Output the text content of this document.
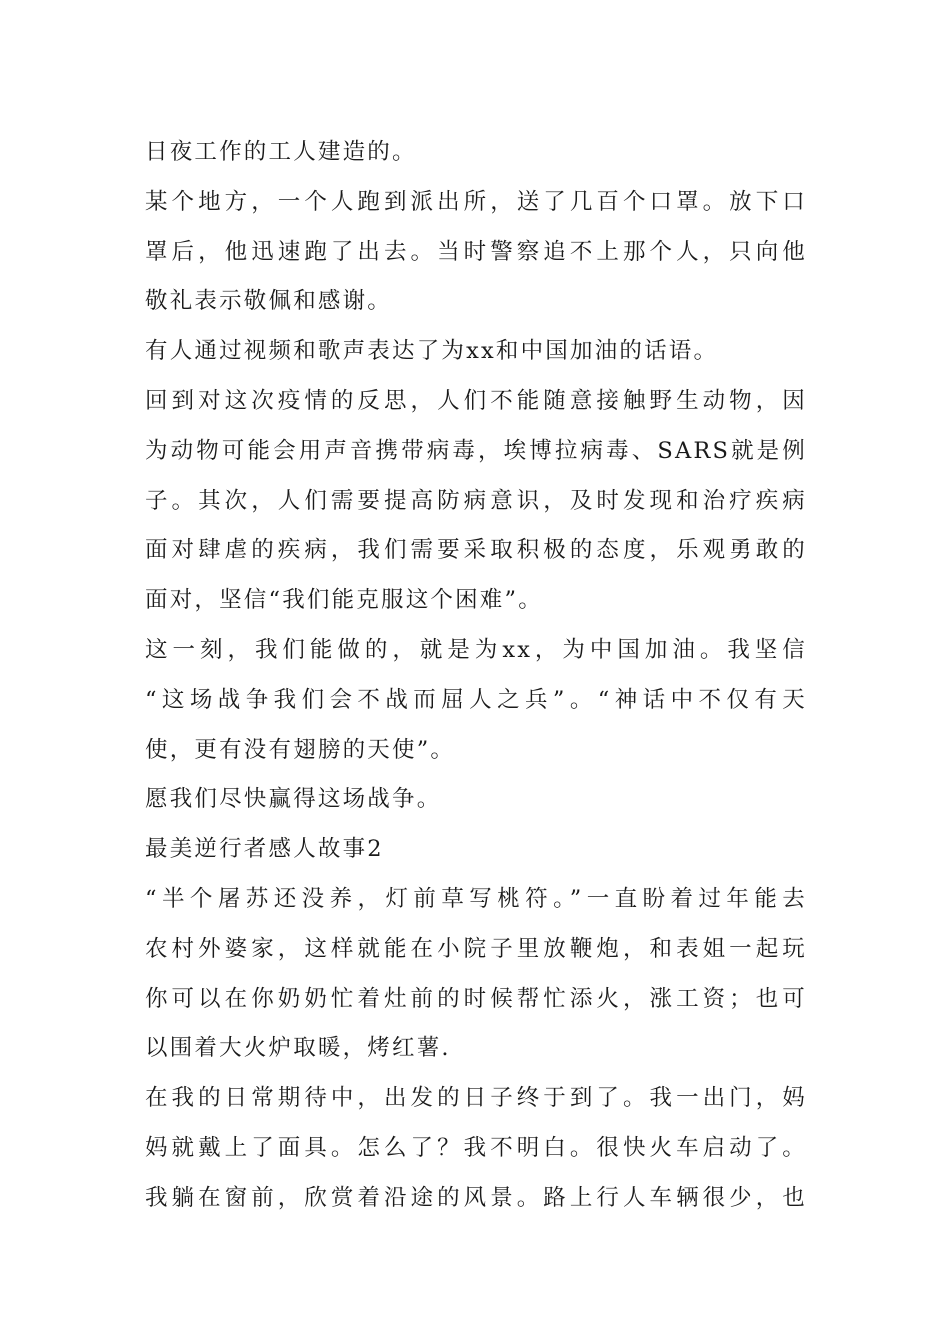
日夜工作的工人建造的。
某个地方，一个人跑到派出所，送了几百个口罩。放下口
罩后，他迅速跑了出去。当时警察追不上那个人，只向他
敬礼表示敬佩和感谢。
有人通过视频和歌声表达了为xx和中国加油的话语。
回到对这次疫情的反思，人们不能随意接触野生动物，因
为动物可能会用声音携带病毒，埃博拉病毒、SARS就是例
子。其次，人们需要提高防病意识，及时发现和治疗疾病
面对肆虐的疾病，我们需要采取积极的态度，乐观勇敢的
面对，坚信“我们能克服这个困难”。
这一刻，我们能做的，就是为xx，为中国加油。我坚信
“这场战争我们会不战而屈人之兵”。“神话中不仅有天
使，更有没有翅膀的天使”。
愿我们尽快赢得这场战争。
最美逆行者感人故事2
“半个屠苏还没养，灯前草写桃符。”一直盼着过年能去
农村外婆家，这样就能在小院子里放鞭炮，和表姐一起玩
你可以在你奶奶忙着灶前的时候帮忙添火，涨工资；也可
以围着大火炉取暖，烤红薯.
在我的日常期待中，出发的日子终于到了。我一出门，妈
妈就戴上了面具。怎么了？我不明白。很快火车启动了。
我躺在窗前，欣赏着沿途的风景。路上行人车辆很少，也
